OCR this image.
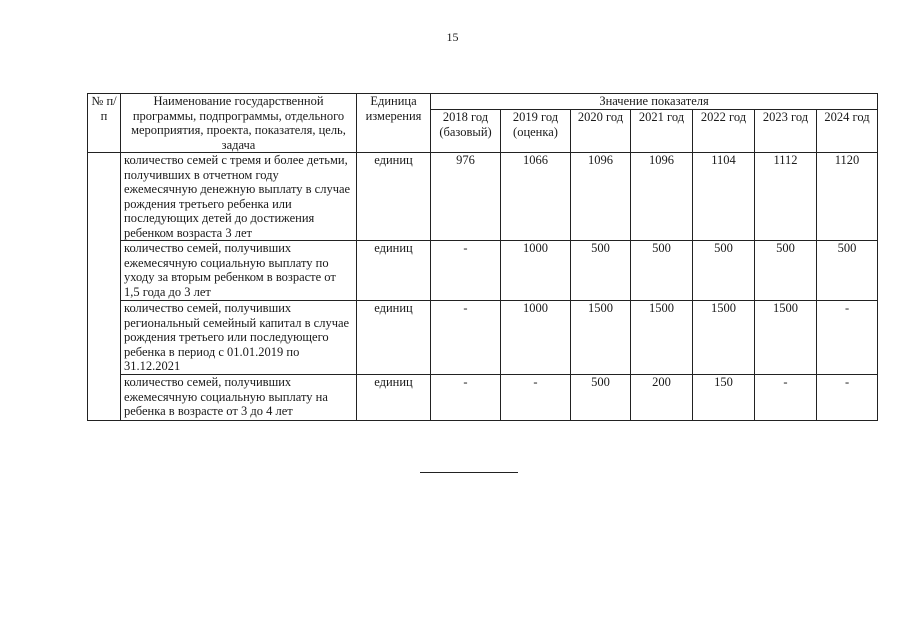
15
№ п/п	Наименование государственной программы, подпрограммы, отдельного мероприятия, проекта, показателя, цель, задача	Единица измерения	Значение показателя						
			2018 год (базовый)	2019 год (оценка)	2020 год	2021 год	2022 год	2023 год	2024 год
	количество семей с тремя и более детьми, получивших в отчетном году ежемесячную денежную выплату в случае рождения третьего ребенка или последующих детей до достижения ребенком возраста 3 лет	единиц	976	1066	1096	1096	1104	1112	1120
	количество семей, получивших ежемесячную социальную выплату по уходу за вторым ребенком в возрасте от 1,5 года до 3 лет	единиц	-	1000	500	500	500	500	500
	количество семей, получивших региональный семейный капитал в случае рождения третьего или последующего ребенка в период с 01.01.2019 по 31.12.2021	единиц	-	1000	1500	1500	1500	1500	-
	количество семей, получивших ежемесячную социальную выплату на ребенка в возрасте от 3 до 4 лет	единиц	-	-	500	200	150	-	-
